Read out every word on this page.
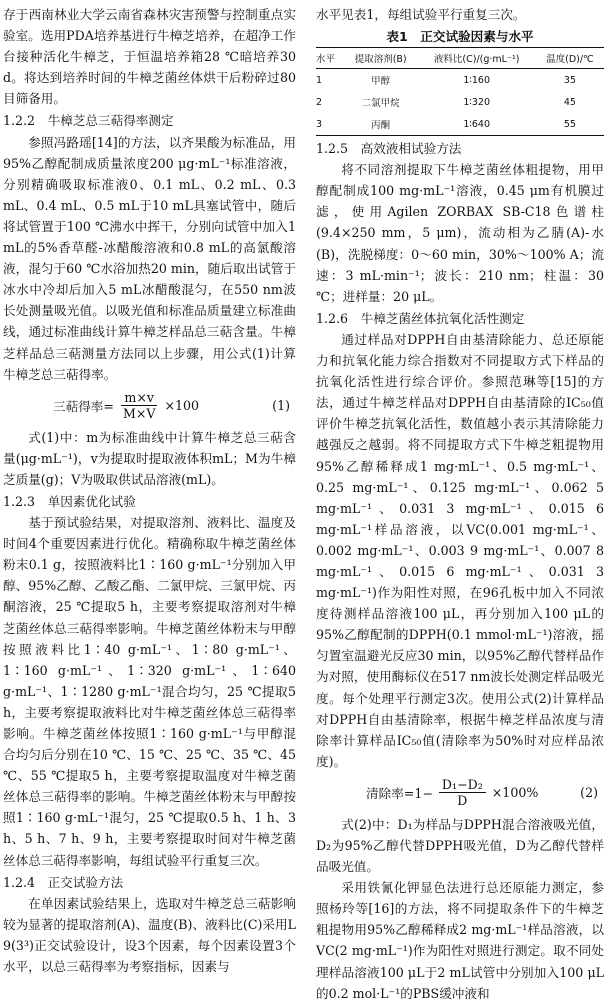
存于西南林业大学云南省森林灾害预警与控制重点实验室。选用PDA培养基进行牛樟芝培养，在超净工作台接种活化牛樟芝，于恒温培养箱28 ℃暗培养30 d。将达到培养时间的牛樟芝菌丝体烘干后粉碎过80目筛备用。

1.2.2　牛樟芝总三萜得率测定

参照冯路瑶[14]的方法，以齐果酸为标准品，用95%乙醇配制成质量浓度200 μg·mL⁻¹标准溶液，分别精确吸取标准液0、0.1 mL、0.2 mL、0.3 mL、0.4 mL、0.5 mL于10 mL具塞试管中，随后将试管置于100 ℃沸水中挥干，分别向试管中加入1 mL的5%香草醛-冰醋酸溶液和0.8 mL的高氯酸溶液，混匀于60 ℃水浴加热20 min，随后取出试管于冰水中冷却后加入5 mL冰醋酸混匀，在550 nm波长处测量吸光值。以吸光值和标准品质量建立标准曲线，通过标准曲线计算牛樟芝样品总三萜含量。牛樟芝样品总三萜测量方法同以上步骤，用公式(1)计算牛樟芝总三萜得率。

三萜得率= $\frac{m\times v}{M\times V} \times 100$	(1)

式(1)中：m为标准曲线中计算牛樟芝总三萜含量(μg·mL⁻¹)，v为提取时提取液体积mL；M为牛樟芝质量(g)；V为吸取供试品溶液(mL)。

1.2.3　单因素优化试验

基于预试验结果，对提取溶剂、液料比、温度及时间4个重要因素进行优化。精确称取牛樟芝菌丝体粉末0.1 g，按照液料比1∶160 g·mL⁻¹分别加入甲醇、95%乙醇、乙酸乙酯、二氯甲烷、三氯甲烷、丙酮溶液，25 ℃提取5 h，主要考察提取溶剂对牛樟芝菌丝体总三萜得率影响。牛樟芝菌丝体粉末与甲醇按照液料比1∶40 g·mL⁻¹、1∶80 g·mL⁻¹、1∶160 g·mL⁻¹、1∶320 g·mL⁻¹、1∶640 g·mL⁻¹、1∶1280 g·mL⁻¹混合均匀，25 ℃提取5 h，主要考察提取液料比对牛樟芝菌丝体总三萜得率影响。牛樟芝菌丝体按照1∶160 g·mL⁻¹与甲醇混合均匀后分别在10 ℃、15 ℃、25 ℃、35 ℃、45 ℃、55 ℃提取5 h，主要考察提取温度对牛樟芝菌丝体总三萜得率的影响。牛樟芝菌丝体粉末与甲醇按照1∶160 g·mL⁻¹混匀，25 ℃提取0.5 h、1 h、3 h、5 h、7 h、9 h，主要考察提取时间对牛樟芝菌丝体总三萜得率影响，每组试验平行重复三次。

1.2.4　正交试验方法

在单因素试验结果上，选取对牛樟芝总三萜影响较为显著的提取溶剂(A)、温度(B)、液料比(C)采用L 9(3³)正交试验设计，设3个因素，每个因素设置3个水平，以总三萜得率为考察指标，因素与

水平见表1，每组试验平行重复三次。

表1　正交试验因素与水平
水平	提取溶剂(B)	液料比(C)/(g·mL⁻¹)	温度(D)/℃
1	甲醇	1∶160	35
2	二氯甲烷	1∶320	45
3	丙酮	1∶640	55
1.2.5　高效液相试验方法

将不同溶剂提取下牛樟芝菌丝体粗提物，用甲醇配制成100 mg·mL⁻¹溶液，0.45 μm有机膜过滤，使用Agilen ZORBAX SB-C18色谱柱(9.4×250 mm，5 μm)，流动相为乙腈(A)-水(B)，洗脱梯度：0～60 min，30%～100% A；流速：3 mL·min⁻¹；波长：210 nm；柱温：30 ℃；进样量：20 μL。

1.2.6　牛樟芝菌丝体抗氧化活性测定

通过样品对DPPH自由基清除能力、总还原能力和抗氧化能力综合指数对不同提取方式下样品的抗氧化活性进行综合评价。参照范琳等[15]的方法，通过牛樟芝样品对DPPH自由基清除的IC₅₀值评价牛樟芝抗氧化活性，数值越小表示其清除能力越强反之越弱。将不同提取方式下牛樟芝粗提物用95%乙醇稀释成1 mg·mL⁻¹、0.5 mg·mL⁻¹、0.25 mg·mL⁻¹、0.125 mg·mL⁻¹、0.062 5 mg·mL⁻¹、0.031 3 mg·mL⁻¹、0.015 6 mg·mL⁻¹样品溶液，以VC(0.001 mg·mL⁻¹、0.002 mg·mL⁻¹、0.003 9 mg·mL⁻¹、0.007 8 mg·mL⁻¹、0.015 6 mg·mL⁻¹、0.031 3 mg·mL⁻¹)作为阳性对照，在96孔板中加入不同浓度待测样品溶液100 μL，再分别加入100 μL的95%乙醇配制的DPPH(0.1 mmol·mL⁻¹)溶液，摇匀置室温避光反应30 min，以95%乙醇代替样品作为对照，使用酶标仪在517 nm波长处测定样品吸光度。每个处理平行测定3次。使用公式(2)计算样品对DPPH自由基清除率，根据牛樟芝样品浓度与清除率计算样品IC₅₀值(清除率为50%时对应样品浓度)。

清除率$=1- \frac{\text{D₁−D₂}}{D} \times 100\%$	(2)

式(2)中：D₁为样品与DPPH混合溶液吸光值，D₂为95%乙醇代替DPPH吸光值，D为乙醇代替样品吸光值。

采用铁氰化钾显色法进行总还原能力测定，参照杨玲等[16]的方法，将不同提取条件下的牛樟芝粗提物用95%乙醇稀释成2 mg·mL⁻¹样品溶液，以VC(2 mg·mL⁻¹)作为阳性对照进行测定。取不同处理样品溶液100 μL于2 mL试管中分别加入100 μL的0.2 mol·L⁻¹的PBS缓冲液和
